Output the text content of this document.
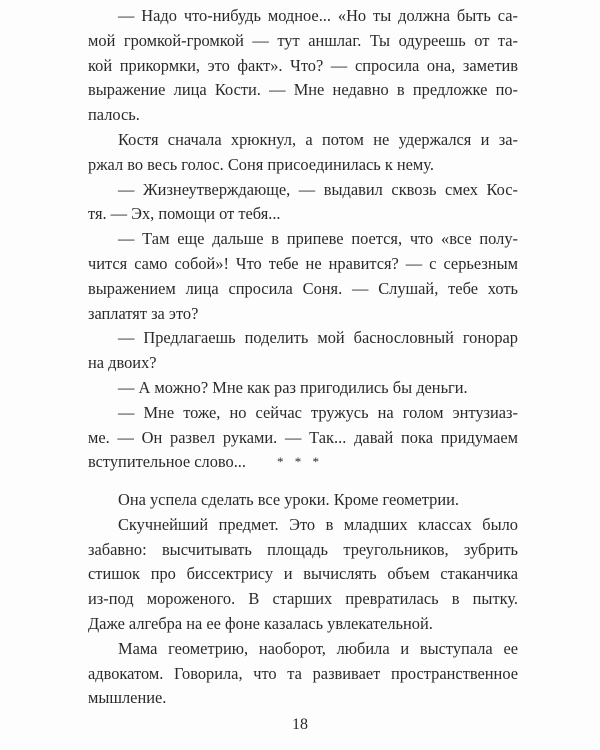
— Надо что-нибудь модное... «Но ты должна быть са-
мой громкой-громкой — тут аншлаг. Ты одуреешь от та-
кой прикормки, это факт». Что? — спросила она, заметив
выражение лица Кости. — Мне недавно в предложке по-
палось.
Костя сначала хрюкнул, а потом не удержался и за-
ржал во весь голос. Соня присоединилась к нему.
— Жизнеутверждающе, — выдавил сквозь смех Кос-
тя. — Эх, помощи от тебя...
— Там еще дальше в припеве поется, что «все полу-
чится само собой»! Что тебе не нравится? — с серьезным
выражением лица спросила Соня. — Слушай, тебе хоть
заплатят за это?
— Предлагаешь поделить мой баснословный гонорар
на двоих?
— А можно? Мне как раз пригодились бы деньги.
— Мне тоже, но сейчас тружусь на голом энтузиаз-
ме. — Он развел руками. — Так... давай пока придумаем
вступительное слово...	* * *
Она успела сделать все уроки. Кроме геометрии.
Скучнейший предмет. Это в младших классах было
забавно: высчитывать площадь треугольников, зубрить
стишок про биссектрису и вычислять объем стаканчика
из-под мороженого. В старших превратилась в пытку.
Даже алгебра на ее фоне казалась увлекательной.
Мама геометрию, наоборот, любила и выступала ее
адвокатом. Говорила, что та развивает пространственное
мышление.
18
